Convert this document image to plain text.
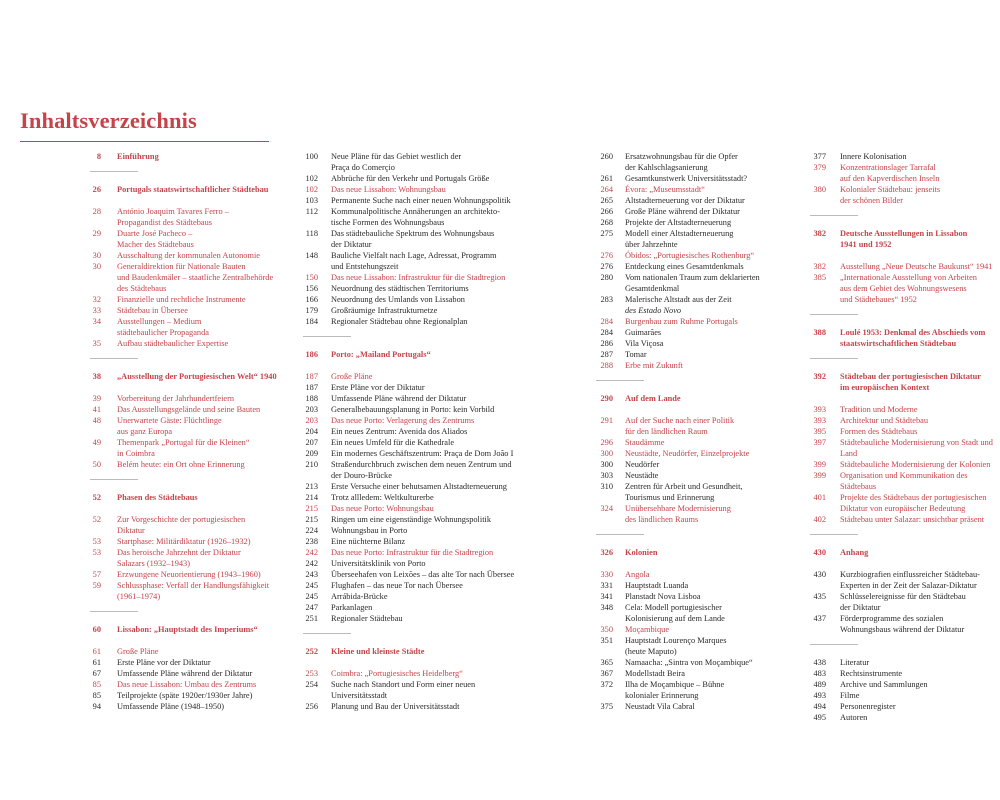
Inhaltsverzeichnis
8	Einführung
26	Portugals staatswirtschaftlicher Städtebau
28	António Joaquim Tavares Ferro –
Propagandist des Städtebaus
29	Duarte José Pacheco –
Macher des Städtebaus
30	Ausschaltung der kommunalen Autonomie
30	Generaldirektion für Nationale Bauten
und Baudenkmäler – staatliche Zentralbehörde
des Städtebaus
32	Finanzielle und rechtliche Instrumente
33	Städtebau in Übersee
34	Ausstellungen – Medium
städtebaulicher Propaganda
35	Aufbau städtebaulicher Expertise
38	„Ausstellung der Portugiesischen Welt“ 1940
39	Vorbereitung der Jahrhundertfeiern
41	Das Ausstellungsgelände und seine Bauten
48	Unerwartete Gäste: Flüchtlinge
aus ganz Europa
49	Themenpark „Portugal für die Kleinen“
in Coimbra
50	Belém heute: ein Ort ohne Erinnerung
52	Phasen des Städtebaus
52	Zur Vorgeschichte der portugiesischen
Diktatur
53	Startphase: Militärdiktatur (1926–1932)
53	Das heroische Jahrzehnt der Diktatur
Salazars (1932–1943)
57	Erzwungene Neuorientierung (1943–1960)
59	Schlussphase: Verfall der Handlungsfähigkeit
(1961–1974)
60	Lissabon: „Hauptstadt des Imperiums“
61	Große Pläne
61	Erste Pläne vor der Diktatur
67	Umfassende Pläne während der Diktatur
85	Das neue Lissabon: Umbau des Zentrums
85	Teilprojekte (späte 1920er/1930er Jahre)
94	Umfassende Pläne (1948–1950)
100	Neue Pläne für das Gebiet westlich der
Praça do Comerçio
102	Abbrüche für den Verkehr und Portugals Größe
102	Das neue Lissabon: Wohnungsbau
103	Permanente Suche nach einer neuen Wohnungspolitik
112	Kommunalpolitische Annäherungen an architekto-
tische Formen des Wohnungsbaus
118	Das städtebauliche Spektrum des Wohnungsbaus
der Diktatur
148	Bauliche Vielfalt nach Lage, Adressat, Programm
und Entstehungszeit
150	Das neue Lissabon: Infrastruktur für die Stadtregion
156	Neuordnung des städtischen Territoriums
166	Neuordnung des Umlands von Lissabon
179	Großräumige Infrastrukturnetze
184	Regionaler Städtebau ohne Regionalplan
186	Porto: „Mailand Portugals“
187	Große Pläne
187	Erste Pläne vor der Diktatur
188	Umfassende Pläne während der Diktatur
203	Generalbebauungsplanung in Porto: kein Vorbild
203	Das neue Porto: Verlagerung des Zentrums
204	Ein neues Zentrum: Avenida dos Aliados
207	Ein neues Umfeld für die Kathedrale
209	Ein modernes Geschäftszentrum: Praça de Dom João I
210	Straßendurchbruch zwischen dem neuen Zentrum und
der Douro-Brücke
213	Erste Versuche einer behutsamen Altstadterneuerung
214	Trotz allledem: Weltkulturerbe
215	Das neue Porto: Wohnungsbau
215	Ringen um eine eigenständige Wohnungspolitik
224	Wohnungsbau in Porto
238	Eine nüchterne Bilanz
242	Das neue Porto: Infrastruktur für die Stadtregion
242	Universitätsklinik von Porto
243	Überseehafen von Leixões – das alte Tor nach Übersee
245	Flughafen – das neue Tor nach Übersee
245	Arrábida-Brücke
247	Parkanlagen
251	Regionaler Städtebau
252	Kleine und kleinste Städte
253	Coimbra: „Portugiesisches Heidelberg“
254	Suche nach Standort und Form einer neuen
Universitätsstadt
256	Planung und Bau der Universitätsstadt
260	Ersatzwohnungsbau für die Opfer
der Kahlschlagsanierung
261	Gesamtkunstwerk Universitätsstadt?
264	Évora: „Museumsstadt“
265	Altstadterneuerung vor der Diktatur
266	Große Pläne während der Diktatur
268	Projekte der Altstadterneuerung
275	Modell einer Altstadterneuerung
über Jahrzehnte
276	Óbidos: „Portugiesisches Rothenburg“
276	Entdeckung eines Gesamtdenkmals
280	Vom nationalen Traum zum deklarierten
Gesamtdenkmal
283	Malerische Altstadt aus der Zeit
des Estado Novo
284	Burgenbau zum Ruhme Portugals
284	Guimarães
286	Vila Viçosa
287	Tomar
288	Erbe mit Zukunft
290	Auf dem Lande
291	Auf der Suche nach einer Politik
für den ländlichen Raum
296	Staudämme
300	Neustädte, Neudörfer, Einzelprojekte
300	Neudörfer
303	Neustädte
310	Zentren für Arbeit und Gesundheit,
Tourismus und Erinnerung
324	Unübersehbare Modernisierung
des ländlichen Raums
326	Kolonien
330	Angola
331	Hauptstadt Luanda
341	Planstadt Nova Lisboa
348	Cela: Modell portugiesischer
Kolonisierung auf dem Lande
350	Moçambique
351	Hauptstadt Lourenço Marques
(heute Maputo)
365	Namaacha: „Sintra von Moçambique“
367	Modellstadt Beira
372	Ilha de Moçambique – Bühne
kolonialer Erinnerung
375	Neustadt Vila Cabral
377	Innere Kolonisation
379	Konzentrationslager Tarrafal
auf den Kapverdischen Inseln
380	Kolonialer Städtebau: jenseits
der schönen Bilder
382	Deutsche Ausstellungen in Lissabon
1941 und 1952
382	Ausstellung „Neue Deutsche Baukunst“ 1941
385	„Internationale Ausstellung von Arbeiten
aus dem Gebiet des Wohnungswesens
und Städtebaues“ 1952
388	Loulé 1953: Denkmal des Abschieds vom
staatswirtschaftlichen Städtebau
392	Städtebau der portugiesischen Diktatur
im europäischen Kontext
393	Tradition und Moderne
393	Architektur und Städtebau
395	Formen des Städtebaus
397	Städtebauliche Modernisierung von Stadt und Land
399	Städtebauliche Modernisierung der Kolonien
399	Organisation und Kommunikation des Städtebaus
401	Projekte des Städtebaus der portugiesischen
Diktatur von europäischer Bedeutung
402	Städtebau unter Salazar: unsichtbar präsent
430	Anhang
430	Kurzbiografien einflussreicher Städtebau-
Experten in der Zeit der Salazar-Diktatur
435	Schlüsselereignisse für den Städtebau
der Diktatur
437	Förderprogramme des sozialen
Wohnungsbaus während der Diktatur
438	Literatur
483	Rechtsinstrumente
489	Archive und Sammlungen
493	Filme
494	Personenregister
495	Autoren
